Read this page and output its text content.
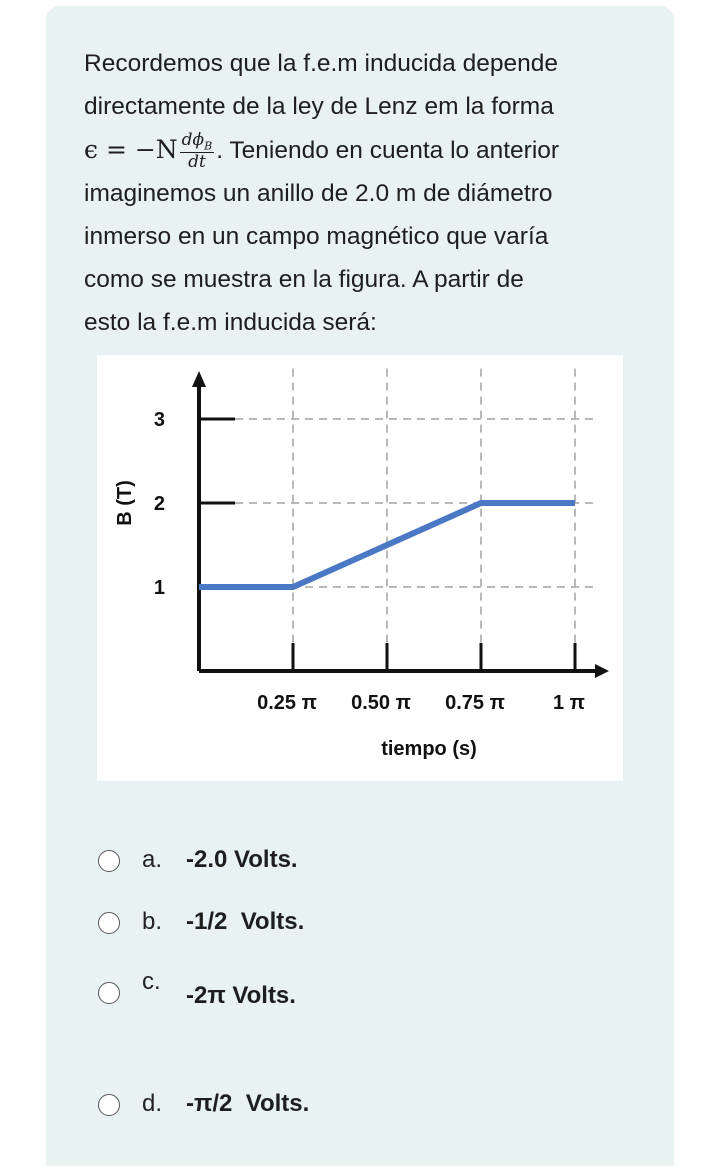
Recordemos que la f.e.m inducida depende
directamente de la ley de Lenz em la forma
$\epsilon = -N \frac{d\phi_B}{dt}$ . Teniendo en cuenta lo anterior
imaginemos un anillo de 2.0 m de diámetro
inmerso en un campo magnético que varía
como se muestra en la figura. A partir de
esto la f.e.m inducida será:
1
2
3
0.25 π 0.50 π 0.75 π 1 π
tiempo (s)
B (T)
a. -2.0 Volts.
b. -1/2  Volts.
c.
-2π Volts.
d. -π/2  Volts.
